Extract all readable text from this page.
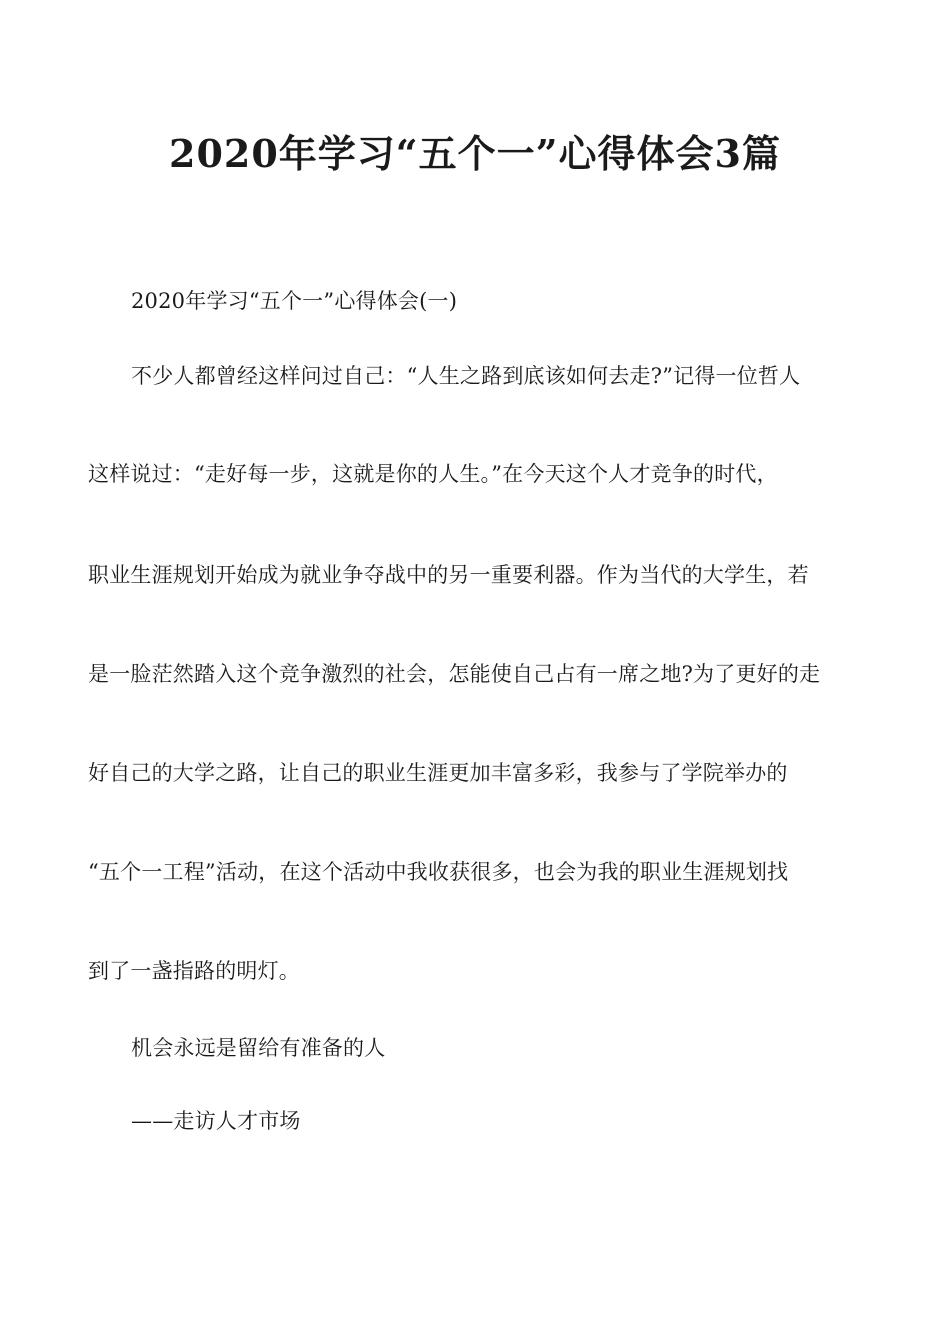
2020年学习“五个一”心得体会3篇

2020年学习“五个一”心得体会(一)

不少人都曾经这样问过自己：“人生之路到底该如何去走?”记得一位哲人

这样说过：“走好每一步，这就是你的人生。”在今天这个人才竞争的时代，

职业生涯规划开始成为就业争夺战中的另一重要利器。作为当代的大学生，若

是一脸茫然踏入这个竞争激烈的社会，怎能使自己占有一席之地?为了更好的走

好自己的大学之路，让自己的职业生涯更加丰富多彩，我参与了学院举办的

“五个一工程”活动，在这个活动中我收获很多，也会为我的职业生涯规划找

到了一盏指路的明灯。

机会永远是留给有准备的人

——走访人才市场
